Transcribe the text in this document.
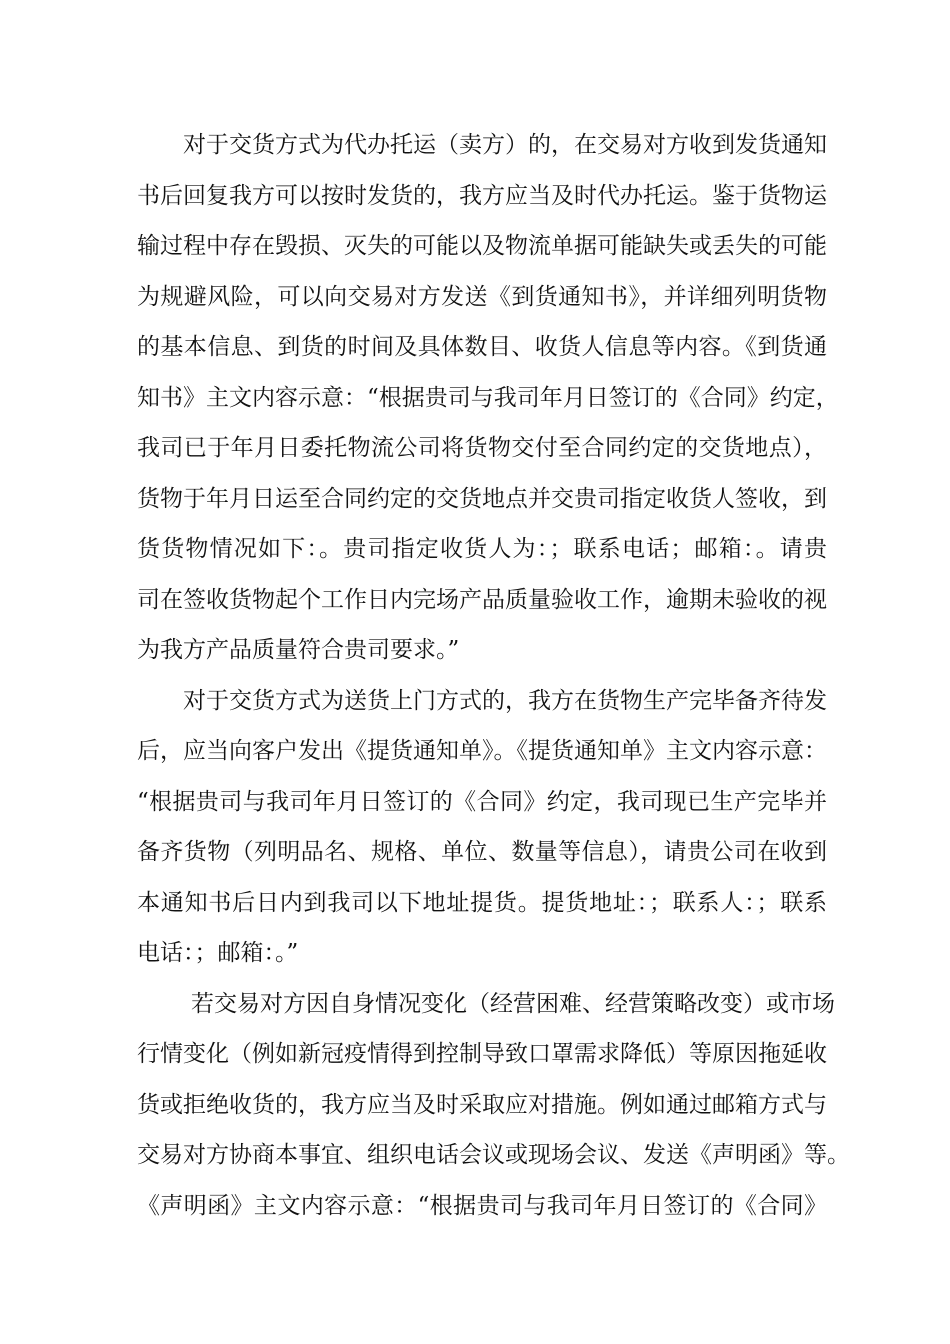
对于交货方式为代办托运（卖方）的，在交易对方收到发货通知
书后回复我方可以按时发货的，我方应当及时代办托运。鉴于货物运
输过程中存在毁损、灭失的可能以及物流单据可能缺失或丢失的可能
为规避风险，可以向交易对方发送《到货通知书》，并详细列明货物
的基本信息、到货的时间及具体数目、收货人信息等内容。《到货通
知书》主文内容示意：“根据贵司与我司年月日签订的《合同》约定，
我司已于年月日委托物流公司将货物交付至合同约定的交货地点），
货物于年月日运至合同约定的交货地点并交贵司指定收货人签收，到
货货物情况如下：。贵司指定收货人为：；联系电话；邮箱：。请贵
司在签收货物起个工作日内完场产品质量验收工作，逾期未验收的视
为我方产品质量符合贵司要求。”
对于交货方式为送货上门方式的，我方在货物生产完毕备齐待发
后，应当向客户发出《提货通知单》。《提货通知单》主文内容示意：
“根据贵司与我司年月日签订的《合同》约定，我司现已生产完毕并
备齐货物（列明品名、规格、单位、数量等信息），请贵公司在收到
本通知书后日内到我司以下地址提货。提货地址：；联系人：；联系
电话：；邮箱：。”
若交易对方因自身情况变化（经营困难、经营策略改变）或市场
行情变化（例如新冠疫情得到控制导致口罩需求降低）等原因拖延收
货或拒绝收货的，我方应当及时采取应对措施。例如通过邮箱方式与
交易对方协商本事宜、组织电话会议或现场会议、发送《声明函》等。
《声明函》主文内容示意：“根据贵司与我司年月日签订的《合同》
